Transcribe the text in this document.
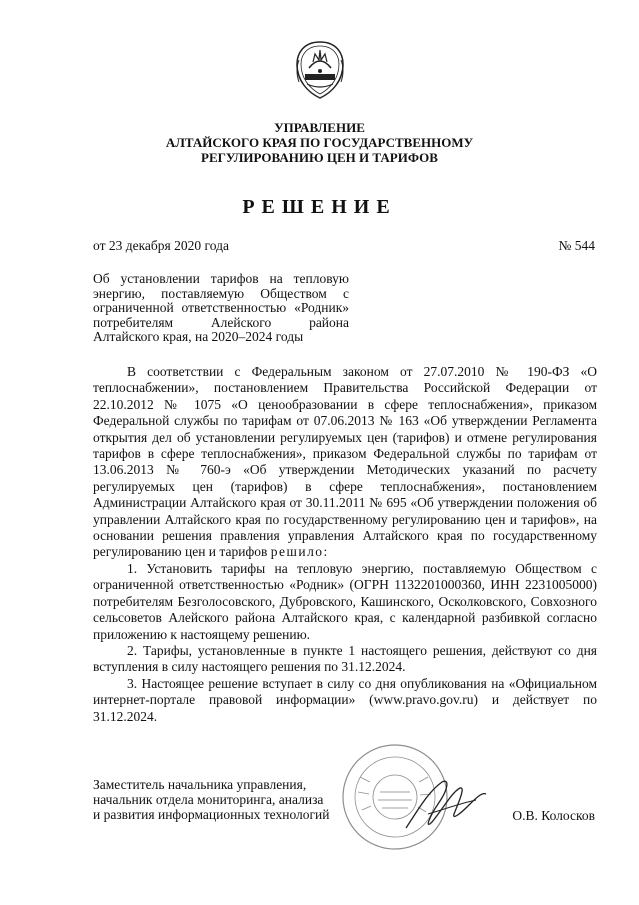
УПРАВЛЕНИЕ
АЛТАЙСКОГО КРАЯ ПО ГОСУДАРСТВЕННОМУ
РЕГУЛИРОВАНИЮ ЦЕН И ТАРИФОВ
РЕШЕНИЕ
от 23 декабря 2020 года	№ 544
Об установлении тарифов на тепловую энергию, поставляемую Обществом с ограниченной ответственностью «Родник» потребителям Алейского района Алтайского края, на 2020–2024 годы

В соответствии с Федеральным законом от 27.07.2010 № 190-ФЗ «О теплоснабжении», постановлением Правительства Российской Федерации от 22.10.2012 № 1075 «О ценообразовании в сфере теплоснабжения», приказом Федеральной службы по тарифам от 07.06.2013 № 163 «Об утверждении Регламента открытия дел об установлении регулируемых цен (тарифов) и отмене регулирования тарифов в сфере теплоснабжения», приказом Федеральной службы по тарифам от 13.06.2013 № 760-э «Об утверждении Методических указаний по расчету регулируемых цен (тарифов) в сфере теплоснабжения», постановлением Администрации Алтайского края от 30.11.2011 № 695 «Об утверждении положения об управлении Алтайского края по государственному регулированию цен и тарифов», на основании решения правления управления Алтайского края по государственному регулированию цен и тарифов решило:

1. Установить тарифы на тепловую энергию, поставляемую Обществом с ограниченной ответственностью «Родник» (ОГРН 1132201000360, ИНН 2231005000) потребителям Безголосовского, Дубровского, Кашинского, Осколковского, Совхозного сельсоветов Алейского района Алтайского края, с календарной разбивкой согласно приложению к настоящему решению.

2. Тарифы, установленные в пункте 1 настоящего решения, действуют со дня вступления в силу настоящего решения по 31.12.2024.

3. Настоящее решение вступает в силу со дня опубликования на «Официальном интернет-портале правовой информации» (www.pravo.gov.ru) и действует по 31.12.2024.

Заместитель начальника управления,
начальник отдела мониторинга, анализа
и развития информационных технологий	О.В. Колосков
